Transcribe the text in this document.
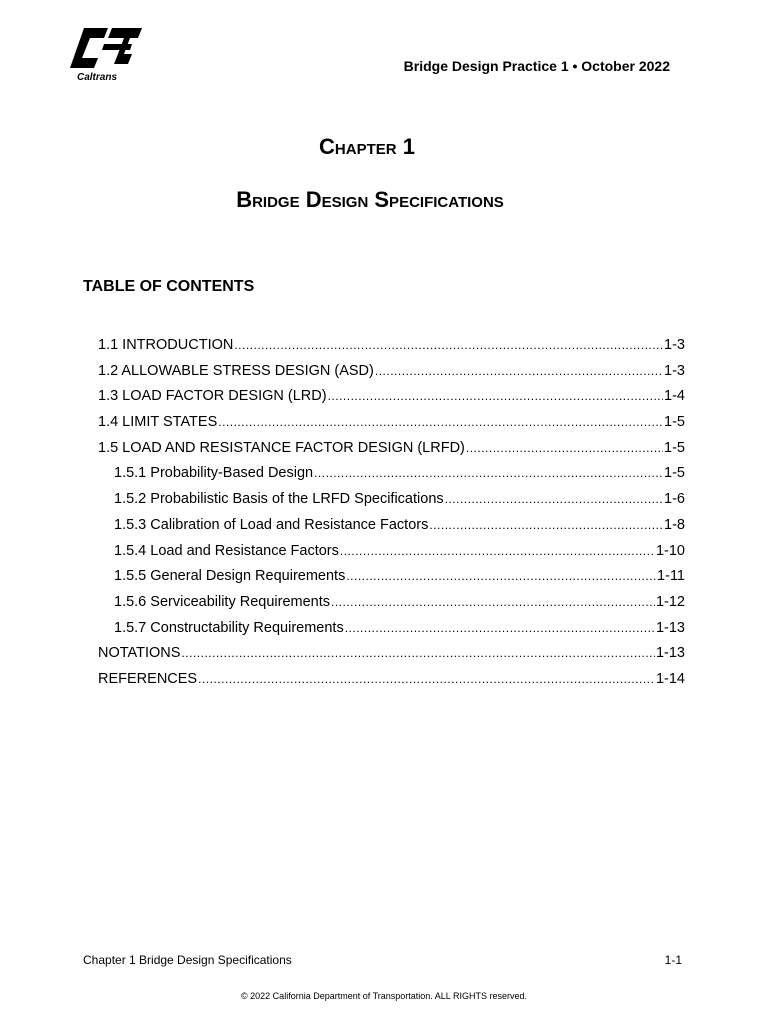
Caltrans
Bridge Design Practice 1 • October 2022
Chapter 1
Bridge Design Specifications
TABLE OF CONTENTS
1.1 INTRODUCTION .....	1-3
1.2 ALLOWABLE STRESS DESIGN (ASD) .....	1-3
1.3 LOAD FACTOR DESIGN (LRD) .....	1-4
1.4 LIMIT STATES .....	1-5
1.5 LOAD AND RESISTANCE FACTOR DESIGN (LRFD) .....	1-5
1.5.1 Probability-Based Design .....	1-5
1.5.2 Probabilistic Basis of the LRFD Specifications .....	1-6
1.5.3 Calibration of Load and Resistance Factors .....	1-8
1.5.4 Load and Resistance Factors .....	1-10
1.5.5 General Design Requirements .....	1-11
1.5.6 Serviceability Requirements .....	1-12
1.5.7 Constructability Requirements .....	1-13
NOTATIONS .....	1-13
REFERENCES .....	1-14
Chapter 1 Bridge Design Specifications	1-1
© 2022 California Department of Transportation. ALL RIGHTS reserved.
